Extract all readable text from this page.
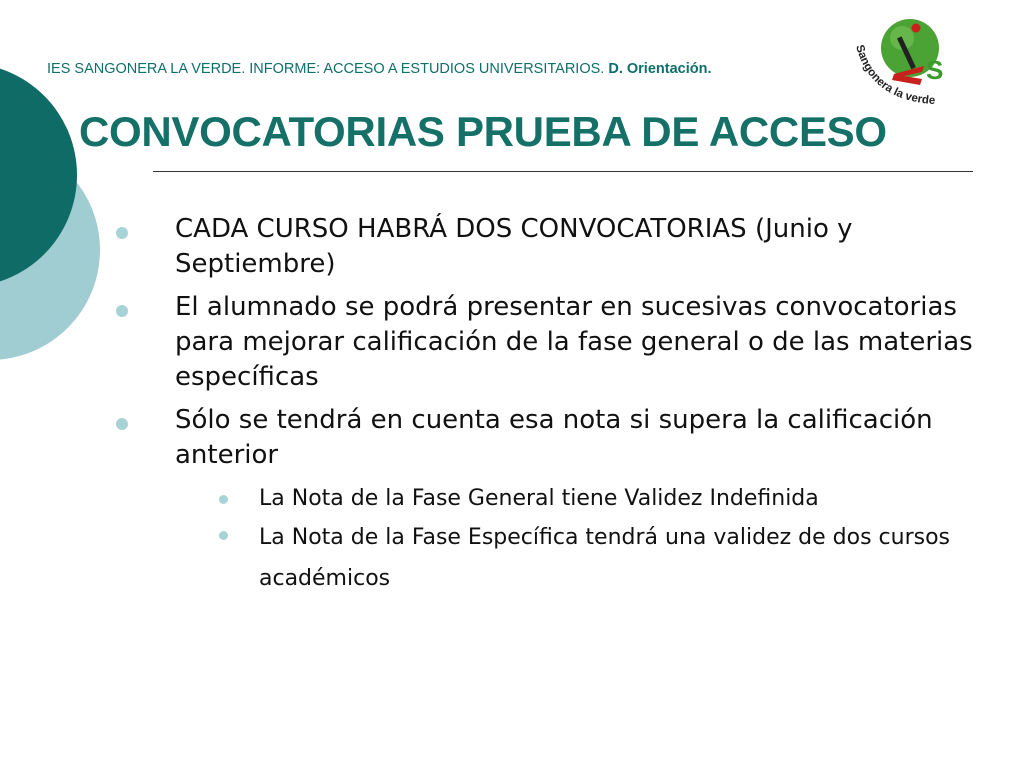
IES SANGONERA LA VERDE. INFORME: ACCESO A ESTUDIOS UNIVERSITARIOS. D. Orientación.	S
Sangonera la verde
CONVOCATORIAS PRUEBA DE ACCESO
CADA CURSO HABRÁ DOS CONVOCATORIAS (Junio y Septiembre)
El alumnado se podrá presentar en sucesivas convocatorias para mejorar calificación de la fase general o de las materias específicas
Sólo se tendrá en cuenta esa nota si supera la calificación anterior
La Nota de la Fase General tiene Validez Indefinida
La Nota de la Fase Específica tendrá una validez de dos cursos académicos
